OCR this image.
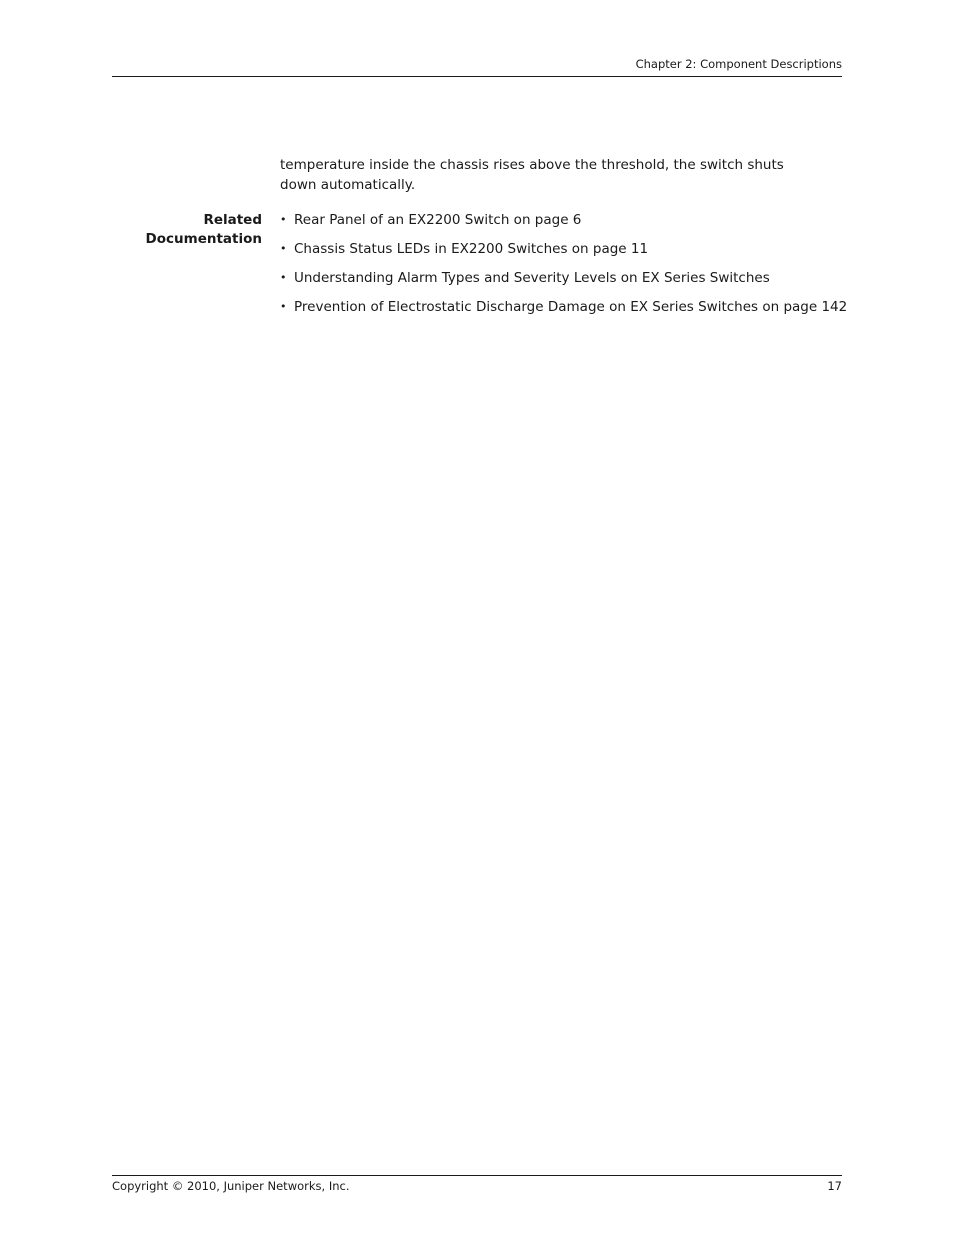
Chapter 2: Component Descriptions

temperature inside the chassis rises above the threshold, the switch shuts down automatically.

Related
Documentation
• Rear Panel of an EX2200 Switch on page 6
• Chassis Status LEDs in EX2200 Switches on page 11
• Understanding Alarm Types and Severity Levels on EX Series Switches
• Prevention of Electrostatic Discharge Damage on EX Series Switches on page 142
Copyright © 2010, Juniper Networks, Inc.	17
